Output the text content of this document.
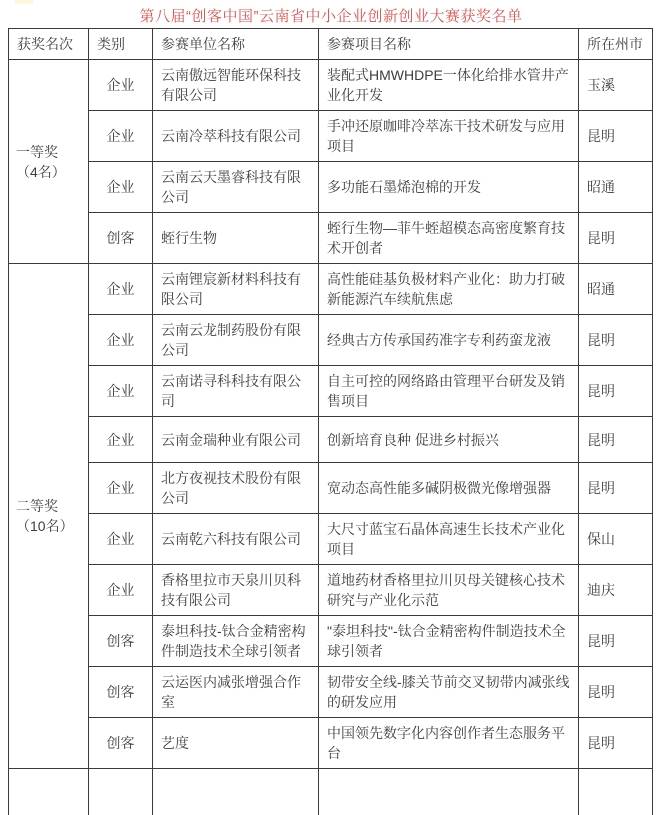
第八届“创客中国”云南省中小企业创新创业大赛获奖名单
获奖名次	类别	参赛单位名称	参赛项目名称	所在州市

一等奖
（4名）	企业	云南傲远智能环保科技有限公司	装配式HMWHDPE一体化给排水管井产业化开发	玉溪
	企业	云南冷萃科技有限公司	手冲还原咖啡冷萃冻干技术研发与应用项目	昆明
	企业	云南云天墨睿科技有限公司	多功能石墨烯泡棉的开发	昭通
	创客	蛭行生物	蛭行生物—菲牛蛭超模态高密度繁育技术开创者	昆明

二等奖
（10名）	企业	云南锂宸新材料科技有限公司	高性能硅基负极材料产业化：助力打破新能源汽车续航焦虑	昭通
	企业	云南云龙制药股份有限公司	经典古方传承国药准字专利药蛮龙液	昆明
	企业	云南诺寻科科技有限公司	自主可控的网络路由管理平台研发及销售项目	昆明
	企业	云南金瑞种业有限公司	创新培育良种 促进乡村振兴	昆明
	企业	北方夜视技术股份有限公司	宽动态高性能多碱阴极微光像增强器	昆明
	企业	云南乾六科技有限公司	大尺寸蓝宝石晶体高速生长技术产业化项目	保山
	企业	香格里拉市天泉川贝科技有限公司	道地药材香格里拉川贝母关键核心技术研究与产业化示范	迪庆
	创客	泰坦科技-钛合金精密构件制造技术全球引领者	"泰坦科技"-钛合金精密构件制造技术全球引领者	昆明
	创客	云运医内减张增强合作室	韧带安全线-膝关节前交叉韧带内减张线的研发应用	昆明
	创客	艺度	中国领先数字化内容创作者生态服务平台	昆明
